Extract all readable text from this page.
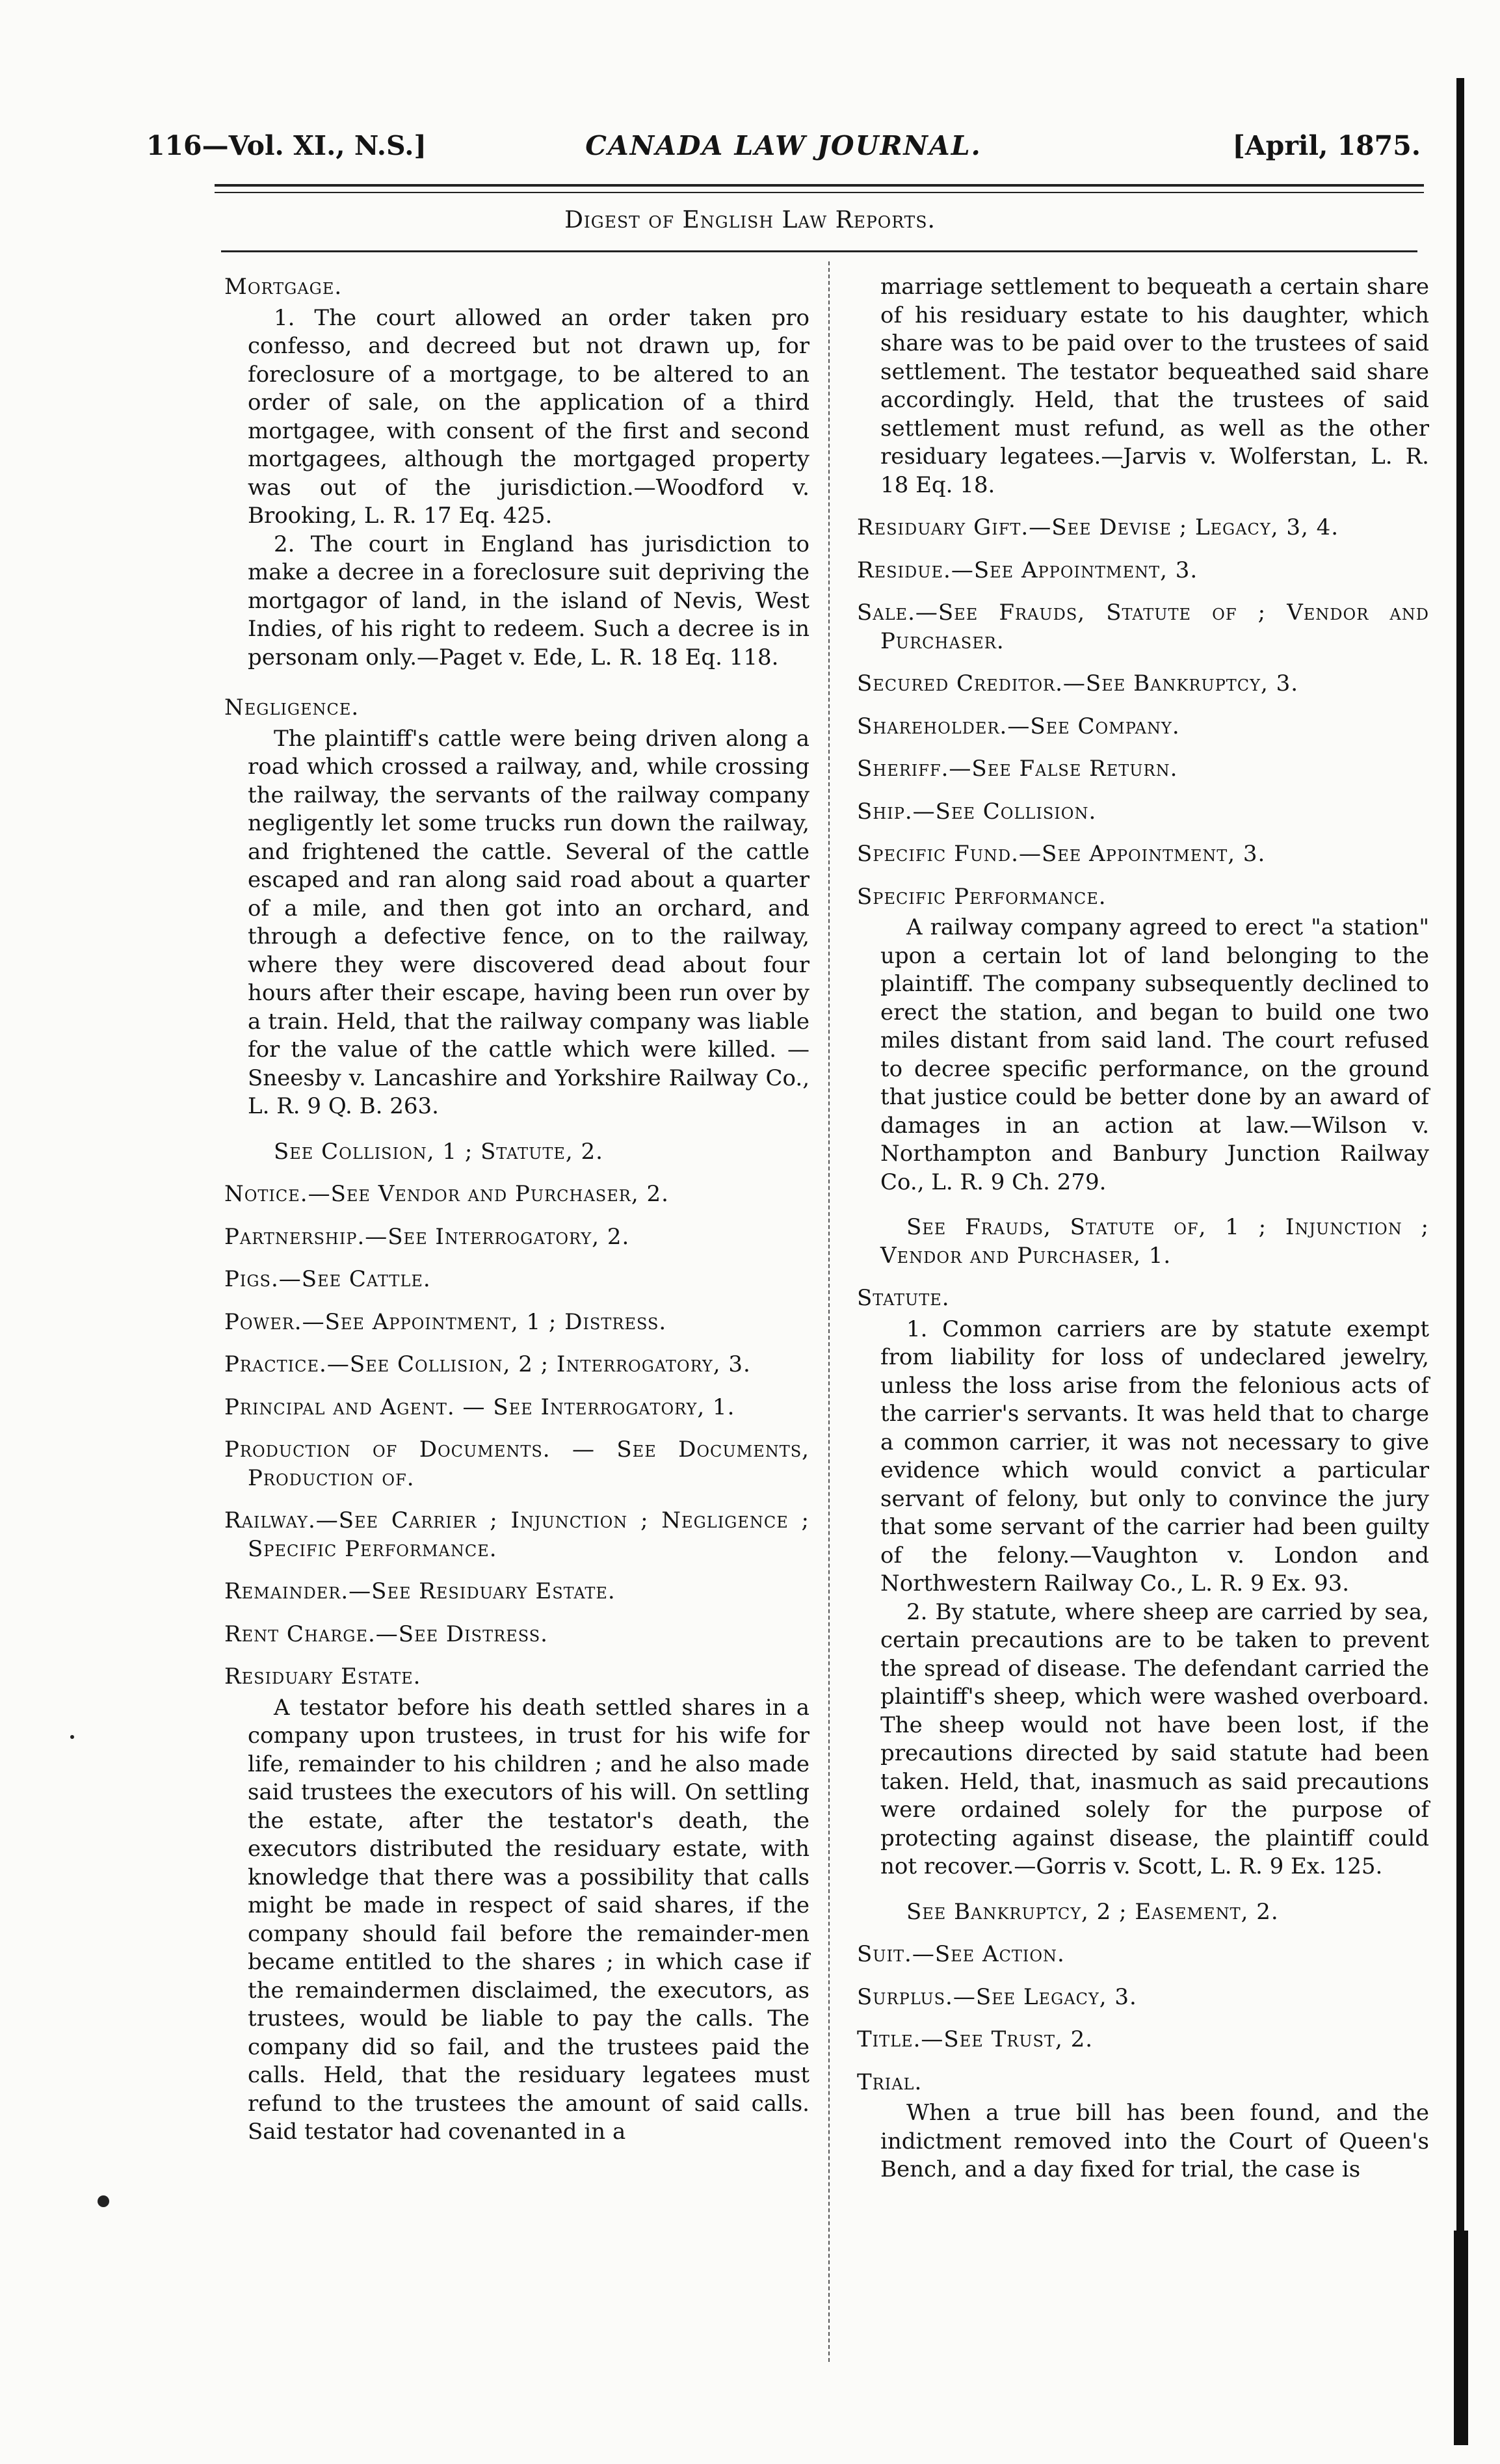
116—Vol. XI., N.S.]	CANADA LAW JOURNAL.	[April, 1875.
Digest of English Law Reports.
Mortgage.
1. The court allowed an order taken pro confesso, and decreed but not drawn up, for foreclosure of a mortgage, to be altered to an order of sale, on the application of a third mortgagee, with consent of the first and second mortgagees, although the mortgaged property was out of the jurisdiction.—Woodford v. Brooking, L. R. 17 Eq. 425.
2. The court in England has jurisdiction to make a decree in a foreclosure suit depriving the mortgagor of land, in the island of Nevis, West Indies, of his right to redeem. Such a decree is in personam only.—Paget v. Ede, L. R. 18 Eq. 118.
Negligence.
The plaintiff's cattle were being driven along a road which crossed a railway, and, while crossing the railway, the servants of the railway company negligently let some trucks run down the railway, and frightened the cattle. Several of the cattle escaped and ran along said road about a quarter of a mile, and then got into an orchard, and through a defective fence, on to the railway, where they were discovered dead about four hours after their escape, having been run over by a train. Held, that the railway company was liable for the value of the cattle which were killed. —Sneesby v. Lancashire and Yorkshire Railway Co., L. R. 9 Q. B. 263.
See Collision, 1 ; Statute, 2.
Notice.—See Vendor and Purchaser, 2.
Partnership.—See Interrogatory, 2.
Pigs.—See Cattle.
Power.—See Appointment, 1 ; Distress.
Practice.—See Collision, 2 ; Interrogatory, 3.
Principal and Agent. — See Interrogatory, 1.
Production of Documents. — See Documents, Production of.
Railway.—See Carrier ; Injunction ; Negligence ; Specific Performance.
Remainder.—See Residuary Estate.
Rent Charge.—See Distress.
Residuary Estate.
A testator before his death settled shares in a company upon trustees, in trust for his wife for life, remainder to his children ; and he also made said trustees the executors of his will. On settling the estate, after the testator's death, the executors distributed the residuary estate, with knowledge that there was a possibility that calls might be made in respect of said shares, if the company should fail before the remainder-men became entitled to the shares ; in which case if the remaindermen disclaimed, the executors, as trustees, would be liable to pay the calls. The company did so fail, and the trustees paid the calls. Held, that the residuary legatees must refund to the trustees the amount of said calls. Said testator had covenanted in a
marriage settlement to bequeath a certain share of his residuary estate to his daughter, which share was to be paid over to the trustees of said settlement. The testator bequeathed said share accordingly. Held, that the trustees of said settlement must refund, as well as the other residuary legatees.—Jarvis v. Wolferstan, L. R. 18 Eq. 18.
Residuary Gift.—See Devise ; Legacy, 3, 4.
Residue.—See Appointment, 3.
Sale.—See Frauds, Statute of ; Vendor and Purchaser.
Secured Creditor.—See Bankruptcy, 3.
Shareholder.—See Company.
Sheriff.—See False Return.
Ship.—See Collision.
Specific Fund.—See Appointment, 3.
Specific Performance.
A railway company agreed to erect "a station" upon a certain lot of land belonging to the plaintiff. The company subsequently declined to erect the station, and began to build one two miles distant from said land. The court refused to decree specific performance, on the ground that justice could be better done by an award of damages in an action at law.—Wilson v. Northampton and Banbury Junction Railway Co., L. R. 9 Ch. 279.
See Frauds, Statute of, 1 ; Injunction ; Vendor and Purchaser, 1.
Statute.
1. Common carriers are by statute exempt from liability for loss of undeclared jewelry, unless the loss arise from the felonious acts of the carrier's servants. It was held that to charge a common carrier, it was not necessary to give evidence which would convict a particular servant of felony, but only to convince the jury that some servant of the carrier had been guilty of the felony.—Vaughton v. London and Northwestern Railway Co., L. R. 9 Ex. 93.
2. By statute, where sheep are carried by sea, certain precautions are to be taken to prevent the spread of disease. The defendant carried the plaintiff's sheep, which were washed overboard. The sheep would not have been lost, if the precautions directed by said statute had been taken. Held, that, inasmuch as said precautions were ordained solely for the purpose of protecting against disease, the plaintiff could not recover.—Gorris v. Scott, L. R. 9 Ex. 125.
See Bankruptcy, 2 ; Easement, 2.
Suit.—See Action.
Surplus.—See Legacy, 3.
Title.—See Trust, 2.
Trial.
When a true bill has been found, and the indictment removed into the Court of Queen's Bench, and a day fixed for trial, the case is
